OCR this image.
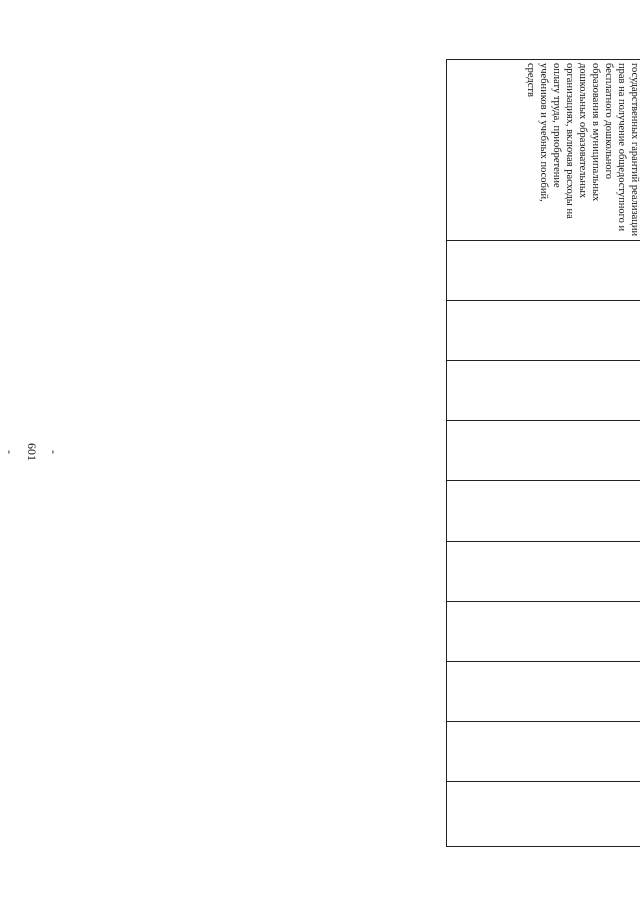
- 601 -

государственных гарантий реализации прав на получение общедоступного и бесплатного дошкольного образования в муниципальных дошкольных образовательных организациях, включая расходы на оплату труда, приобретение учебников и учебных пособий, средств
